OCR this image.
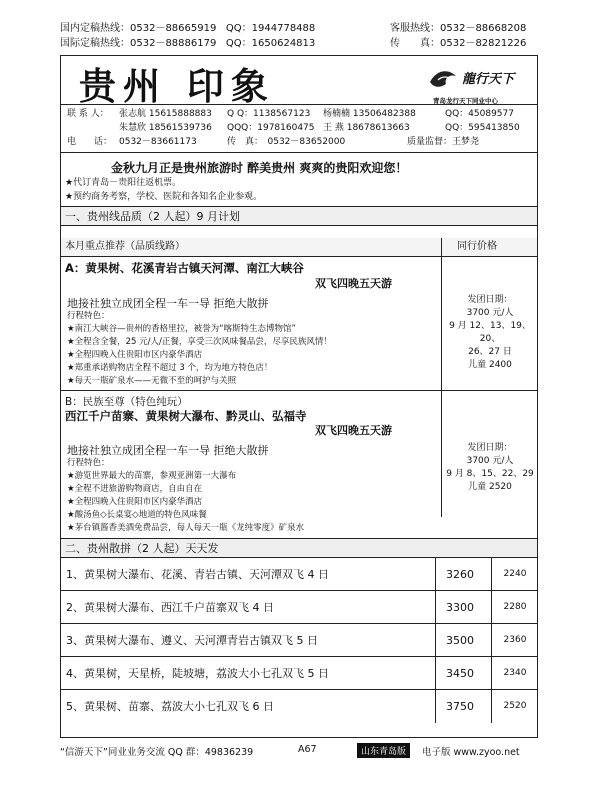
国内定稿热线：0532－88665919 QQ：1944778488	客服热线：0532－88668208
国际定稿热线：0532－88886179 QQ：1650624813	传　　真：0532－82821226
贵州 印象	龍行天下
青岛龙行天下同业中心
联 系 人： 张志航 15615888883 Q Q：1138567123 杨楠楠 13506482388	QQ：45089577
朱慧欣 18561539736 QQQ：1978160475 王 燕 18678613663	QQ：595413850
电　　话： 0532－83661173	传　真：　0532－83652000	质量监督：王梦尧
金秋九月正是贵州旅游时 醉美贵州 爽爽的贵阳欢迎您！
★代订青岛－贵阳往返机票。
★预约商务考察，学校、医院和各知名企业参观。
一、贵州线品质（2 人起）9 月计划
本月重点推荐（品质线路）	同行价格
A：黄果树、花溪青岩古镇天河潭、南江大峡谷
双飞四晚五天游
地接社独立成团全程一车一导 拒绝大散拼
行程特色：
★南江大峡谷—贵州的香格里拉，被誉为“喀斯特生态博物馆”
★全程含全餐，25 元/人/正餐，享受三次风味餐品尝，尽享民族风情！
★全程四晚入住贵阳市区内豪华酒店
★郑重承诺购物店全程不超过 3 个，均为地方特色店！
★每天一瓶矿泉水——无微不至的呵护与关照
发团日期：
3700 元/人
9 月 12、13、19、20、
26、27 日
儿童 2400
B：民族至尊（特色纯玩）
西江千户苗寨、黄果树大瀑布、黔灵山、弘福寺
双飞四晚五天游
地接社独立成团全程一车一导 拒绝大散拼
行程特色：
★游览世界最大的苗寨，参观亚洲第一大瀑布
★全程不进旅游购物商店，自由自在
★全程四晚入住贵阳市区内豪华酒店
★酸汤鱼◇长桌宴◇地道的特色风味餐
★茅台镇酱香美酒免费品尝，每人每天一瓶《龙纯零度》矿泉水
发团日期：
3700 元/人
9 月 8、15、22、29
儿童 2520
二、贵州散拼（2 人起）天天发
1、黄果树大瀑布、花溪、青岩古镇、天河潭双飞 4 日	3260	2240
2、黄果树大瀑布、西江千户苗寨双飞 4 日	3300	2280
3、黄果树大瀑布、遵义、天河潭青岩古镇双飞 5 日	3500	2360
4、黄果树，天星桥，陡坡塘，荔波大小七孔双飞 5 日	3450	2340
5、黄果树、苗寨、荔波大小七孔双飞 6 日	3750	2520
“信游天下”同业业务交流 QQ 群：49836239	A67	山东青岛版	电子版 www.zyoo.net
